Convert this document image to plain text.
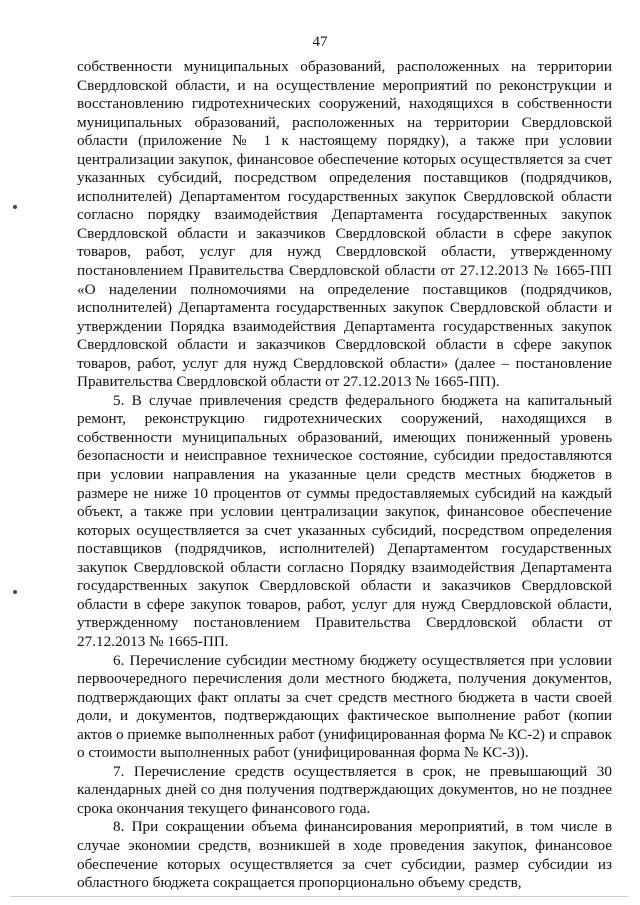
47

собственности муниципальных образований, расположенных на территории Свердловской области, и на осуществление мероприятий по реконструкции и восстановлению гидротехнических сооружений, находящихся в собственности муниципальных образований, расположенных на территории Свердловской области (приложение № 1 к настоящему порядку), а также при условии централизации закупок, финансовое обеспечение которых осуществляется за счет указанных субсидий, посредством определения поставщиков (подрядчиков, исполнителей) Департаментом государственных закупок Свердловской области согласно порядку взаимодействия Департамента государственных закупок Свердловской области и заказчиков Свердловской области в сфере закупок товаров, работ, услуг для нужд Свердловской области, утвержденному постановлением Правительства Свердловской области от 27.12.2013 № 1665-ПП «О наделении полномочиями на определение поставщиков (подрядчиков, исполнителей) Департамента государственных закупок Свердловской области и утверждении Порядка взаимодействия Департамента государственных закупок Свердловской области и заказчиков Свердловской области в сфере закупок товаров, работ, услуг для нужд Свердловской области» (далее – постановление Правительства Свердловской области от 27.12.2013 № 1665-ПП).

5. В случае привлечения средств федерального бюджета на капитальный ремонт, реконструкцию гидротехнических сооружений, находящихся в собственности муниципальных образований, имеющих пониженный уровень безопасности и неисправное техническое состояние, субсидии предоставляются при условии направления на указанные цели средств местных бюджетов в размере не ниже 10 процентов от суммы предоставляемых субсидий на каждый объект, а также при условии централизации закупок, финансовое обеспечение которых осуществляется за счет указанных субсидий, посредством определения поставщиков (подрядчиков, исполнителей) Департаментом государственных закупок Свердловской области согласно Порядку взаимодействия Департамента государственных закупок Свердловской области и заказчиков Свердловской области в сфере закупок товаров, работ, услуг для нужд Свердловской области, утвержденному постановлением Правительства Свердловской области от 27.12.2013 № 1665-ПП.

6. Перечисление субсидии местному бюджету осуществляется при условии первоочередного перечисления доли местного бюджета, получения документов, подтверждающих факт оплаты за счет средств местного бюджета в части своей доли, и документов, подтверждающих фактическое выполнение работ (копии актов о приемке выполненных работ (унифицированная форма № КС-2) и справок о стоимости выполненных работ (унифицированная форма № КС-3)).

7. Перечисление средств осуществляется в срок, не превышающий 30 календарных дней со дня получения подтверждающих документов, но не позднее срока окончания текущего финансового года.

8. При сокращении объема финансирования мероприятий, в том числе в случае экономии средств, возникшей в ходе проведения закупок, финансовое обеспечение которых осуществляется за счет субсидии, размер субсидии из областного бюджета сокращается пропорционально объему средств,
